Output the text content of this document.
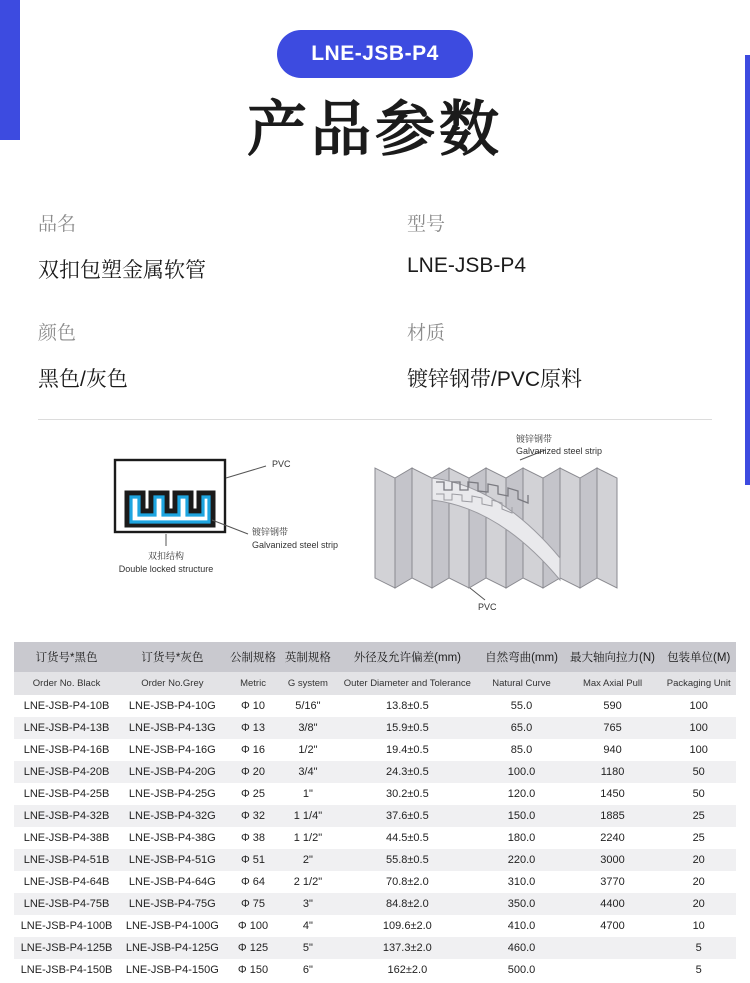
LNE-JSB-P4
产品参数
品名
双扣包塑金属软管
型号
LNE-JSB-P4
颜色
黑色/灰色
材质
镀锌钢带/PVC原料
PVC
镀锌钢带
Galvanized steel strip
双扣结构
Double locked structure
镀锌钢带
Galvanized steel strip
PVC
订货号*黑色	订货号*灰色	公制规格	英制规格	外径及允许偏差(mm)	自然弯曲(mm)	最大轴向拉力(N)	包装单位(M)
Order No. Black	Order No.Grey	Metric	G system	Outer Diameter and Tolerance	Natural Curve	Max Axial Pull	Packaging Unit
LNE-JSB-P4-10B	LNE-JSB-P4-10G	Φ 10	5/16"	13.8±0.5	55.0	590	100
LNE-JSB-P4-13B	LNE-JSB-P4-13G	Φ 13	3/8"	15.9±0.5	65.0	765	100
LNE-JSB-P4-16B	LNE-JSB-P4-16G	Φ 16	1/2"	19.4±0.5	85.0	940	100
LNE-JSB-P4-20B	LNE-JSB-P4-20G	Φ 20	3/4"	24.3±0.5	100.0	1180	50
LNE-JSB-P4-25B	LNE-JSB-P4-25G	Φ 25	1"	30.2±0.5	120.0	1450	50
LNE-JSB-P4-32B	LNE-JSB-P4-32G	Φ 32	1 1/4"	37.6±0.5	150.0	1885	25
LNE-JSB-P4-38B	LNE-JSB-P4-38G	Φ 38	1 1/2"	44.5±0.5	180.0	2240	25
LNE-JSB-P4-51B	LNE-JSB-P4-51G	Φ 51	2"	55.8±0.5	220.0	3000	20
LNE-JSB-P4-64B	LNE-JSB-P4-64G	Φ 64	2 1/2"	70.8±2.0	310.0	3770	20
LNE-JSB-P4-75B	LNE-JSB-P4-75G	Φ 75	3"	84.8±2.0	350.0	4400	20
LNE-JSB-P4-100B	LNE-JSB-P4-100G	Φ 100	4"	109.6±2.0	410.0	4700	10
LNE-JSB-P4-125B	LNE-JSB-P4-125G	Φ 125	5"	137.3±2.0	460.0		5
LNE-JSB-P4-150B	LNE-JSB-P4-150G	Φ 150	6"	162±2.0	500.0		5
